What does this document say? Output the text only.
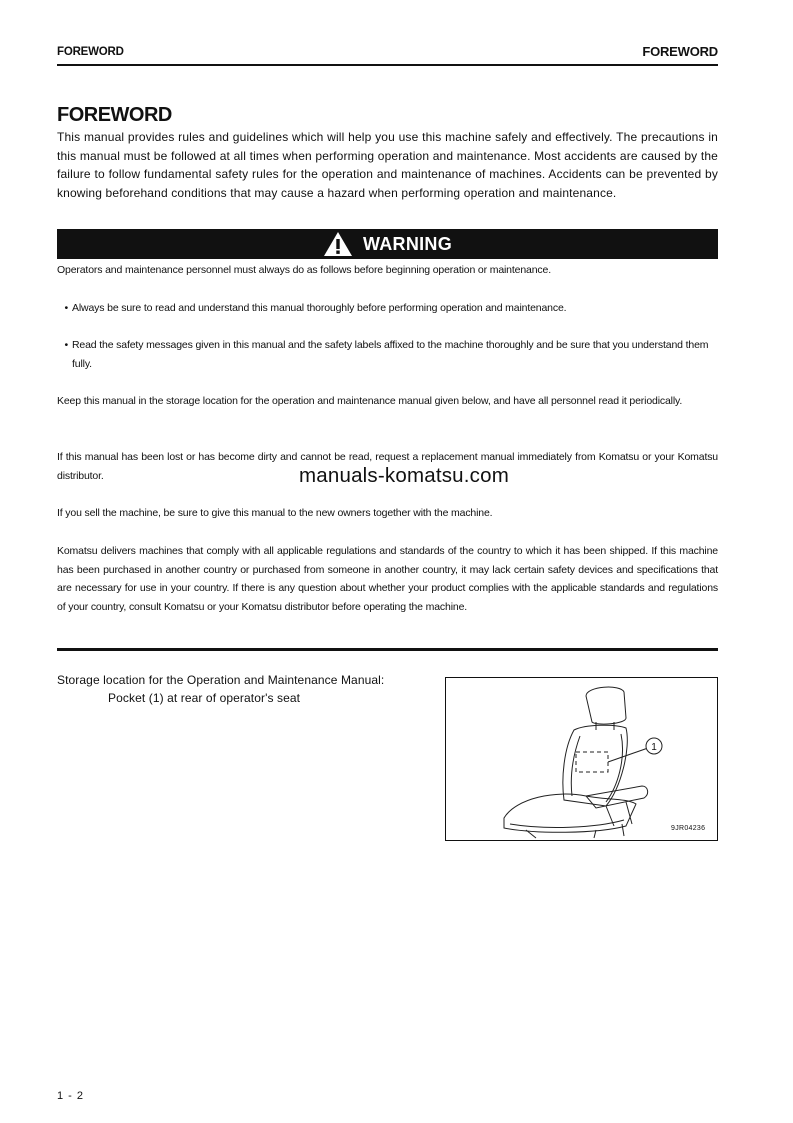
FOREWORD	FOREWORD
FOREWORD
This manual provides rules and guidelines which will help you use this machine safely and effectively. The precautions in this manual must be followed at all times when performing operation and maintenance. Most accidents are caused by the failure to follow fundamental safety rules for the operation and maintenance of machines. Accidents can be prevented by knowing beforehand conditions that may cause a hazard when performing operation and maintenance.
WARNING
Operators and maintenance personnel must always do as follows before beginning operation or maintenance.
• Always be sure to read and understand this manual thoroughly before performing operation and maintenance.
• Read the safety messages given in this manual and the safety labels affixed to the machine thoroughly and be sure that you understand them fully.
Keep this manual in the storage location for the operation and maintenance manual given below, and have all personnel read it periodically.
If this manual has been lost or has become dirty and cannot be read, request a replacement manual immediately from Komatsu or your Komatsu distributor.
If you sell the machine, be sure to give this manual to the new owners together with the machine.
Komatsu delivers machines that comply with all applicable regulations and standards of the country to which it has been shipped. If this machine has been purchased in another country or purchased from someone in another country, it may lack certain safety devices and specifications that are necessary for use in your country. If there is any question about whether your product complies with the applicable standards and regulations of your country, consult Komatsu or your Komatsu distributor before operating the machine.
manuals-komatsu.com
Storage location for the Operation and Maintenance Manual:
Pocket (1) at rear of operator's seat
1
9JR04236
1 - 2
